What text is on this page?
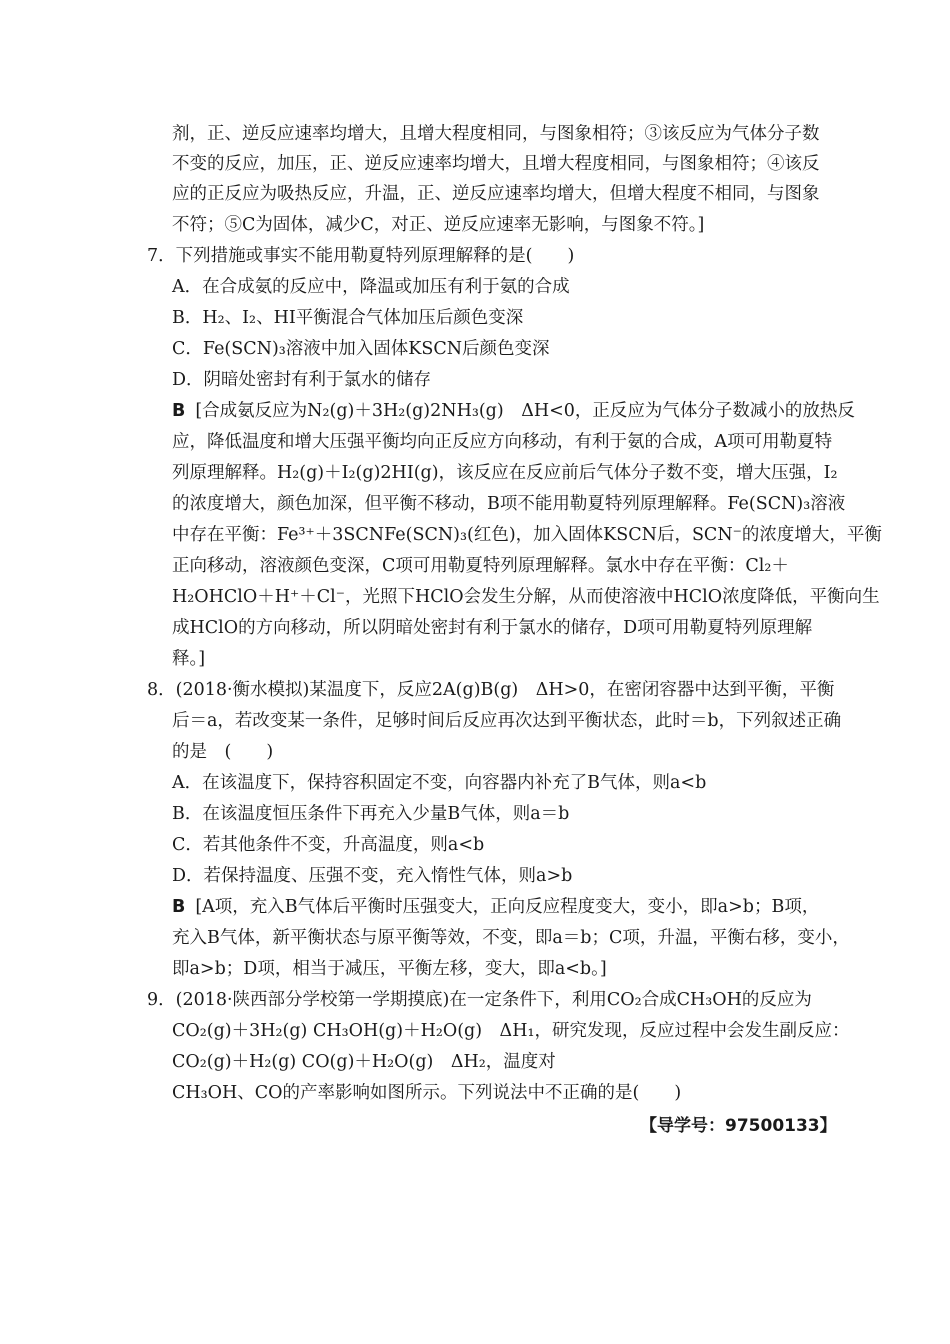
剂，正、逆反应速率均增大，且增大程度相同，与图象相符；③该反应为气体分子数
不变的反应，加压，正、逆反应速率均增大，且增大程度相同，与图象相符；④该反
应的正反应为吸热反应，升温，正、逆反应速率均增大，但增大程度不相同，与图象
不符；⑤C为固体，减少C，对正、逆反应速率无影响，与图象不符。]
7．下列措施或事实不能用勒夏特列原理解释的是(　　)
A．在合成氨的反应中，降温或加压有利于氨的合成
B．H₂、I₂、HI平衡混合气体加压后颜色变深
C．Fe(SCN)₃溶液中加入固体KSCN后颜色变深
D．阴暗处密封有利于氯水的储存
B [合成氨反应为N₂(g)＋3H₂(g)2NH₃(g)　ΔH<0，正反应为气体分子数减小的放热反
应，降低温度和增大压强平衡均向正反应方向移动，有利于氨的合成，A项可用勒夏特
列原理解释。H₂(g)＋I₂(g)2HI(g)，该反应在反应前后气体分子数不变，增大压强，I₂
的浓度增大，颜色加深，但平衡不移动，B项不能用勒夏特列原理解释。Fe(SCN)₃溶液
中存在平衡：Fe³⁺＋3SCNFe(SCN)₃(红色)，加入固体KSCN后，SCN⁻的浓度增大，平衡
正向移动，溶液颜色变深，C项可用勒夏特列原理解释。氯水中存在平衡：Cl₂＋
H₂OHClO＋H⁺＋Cl⁻，光照下HClO会发生分解，从而使溶液中HClO浓度降低，平衡向生
成HClO的方向移动，所以阴暗处密封有利于氯水的储存，D项可用勒夏特列原理解
释。]
8．(2018·衡水模拟)某温度下，反应2A(g)B(g)　ΔH>0，在密闭容器中达到平衡，平衡
后＝a，若改变某一条件，足够时间后反应再次达到平衡状态，此时＝b，下列叙述正确
的是　(　　)
A．在该温度下，保持容积固定不变，向容器内补充了B气体，则a<b
B．在该温度恒压条件下再充入少量B气体，则a＝b
C．若其他条件不变，升高温度，则a<b
D．若保持温度、压强不变，充入惰性气体，则a>b
B [A项，充入B气体后平衡时压强变大，正向反应程度变大，变小，即a>b；B项，
充入B气体，新平衡状态与原平衡等效，不变，即a＝b；C项，升温，平衡右移，变小，
即a>b；D项，相当于减压，平衡左移，变大，即a<b。]
9．(2018·陕西部分学校第一学期摸底)在一定条件下，利用CO₂合成CH₃OH的反应为
CO₂(g)＋3H₂(g) CH₃OH(g)＋H₂O(g)　ΔH₁，研究发现，反应过程中会发生副反应：
CO₂(g)＋H₂(g) CO(g)＋H₂O(g)　ΔH₂，温度对
CH₃OH、CO的产率影响如图所示。下列说法中不正确的是(　　)
【导学号：97500133】
